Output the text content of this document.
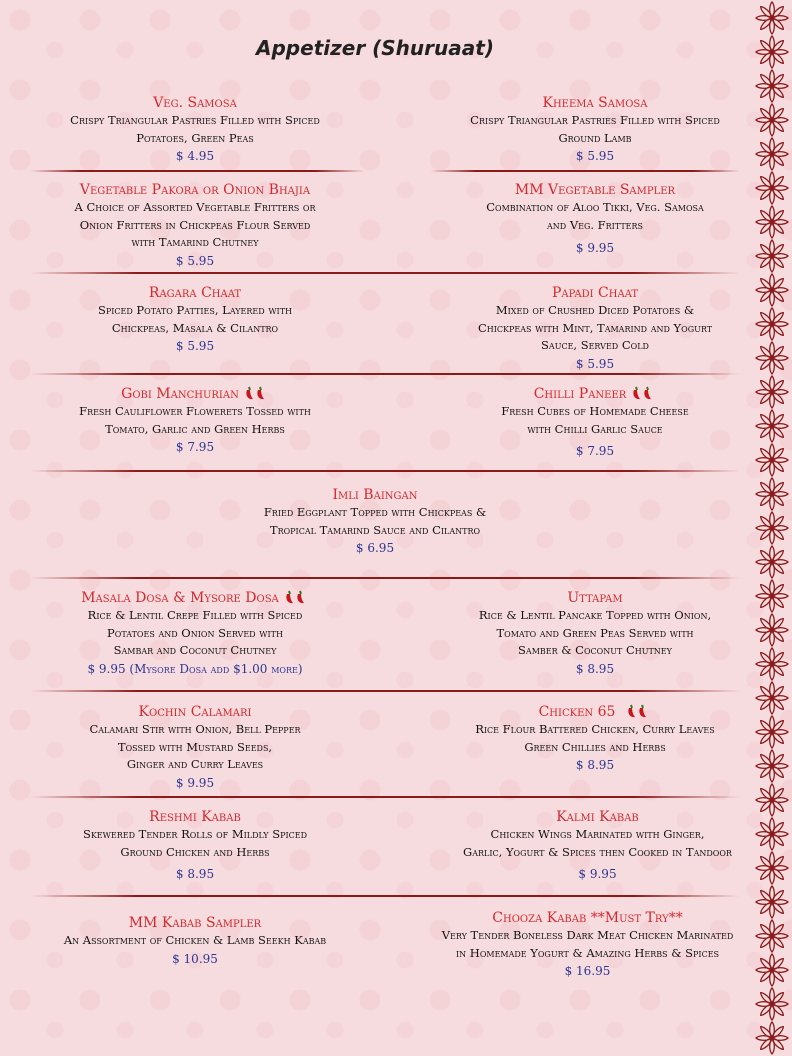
Appetizer (Shuruaat)
Veg. Samosa
Crispy Triangular Pastries Filled with Spiced
Potatoes, Green Peas
$ 4.95
Kheema Samosa
Crispy Triangular Pastries Filled with Spiced
Ground Lamb
$ 5.95
Vegetable Pakora or Onion Bhajia
A Choice of Assorted Vegetable Fritters or
Onion Fritters in Chickpeas Flour Served
with Tamarind Chutney
$ 5.95
MM Vegetable Sampler
Combination of Aloo Tikki, Veg. Samosa
and Veg. Fritters
$ 9.95
Ragara Chaat
Spiced Potato Patties, Layered with
Chickpeas, Masala & Cilantro
$ 5.95
Papadi Chaat
Mixed of Crushed Diced Potatoes &
Chickpeas with Mint, Tamarind and Yogurt
Sauce, Served Cold
$ 5.95
Gobi Manchurian
Fresh Cauliflower Flowerets Tossed with
Tomato, Garlic and Green Herbs
$ 7.95
Chilli Paneer
Fresh Cubes of Homemade Cheese
with Chilli Garlic Sauce
$ 7.95
Imli Baingan
Fried Eggplant Topped with Chickpeas &
Tropical Tamarind Sauce and Cilantro
$ 6.95
Masala Dosa & Mysore Dosa
Rice & Lentil Crepe Filled with Spiced
Potatoes and Onion Served with
Sambar and Coconut Chutney
$ 9.95 (Mysore Dosa add $1.00 more)
Uttapam
Rice & Lentil Pancake Topped with Onion,
Tomato and Green Peas Served with
Samber & Coconut Chutney
$ 8.95
Kochin Calamari
Calamari Stir with Onion, Bell Pepper
Tossed with Mustard Seeds,
Ginger and Curry Leaves
$ 9.95
Chicken 65
Rice Flour Battered Chicken, Curry Leaves
Green Chillies and Herbs
$ 8.95
Reshmi Kabab
Skewered Tender Rolls of Mildly Spiced
Ground Chicken and Herbs
$ 8.95
Kalmi Kabab
Chicken Wings Marinated with Ginger,
Garlic, Yogurt & Spices then Cooked in Tandoor
$ 9.95
MM Kabab Sampler
An Assortment of Chicken & Lamb Seekh Kabab
$ 10.95
Chooza Kabab **Must Try**
Very Tender Boneless Dark Meat Chicken Marinated
in Homemade Yogurt & Amazing Herbs & Spices
$ 16.95
